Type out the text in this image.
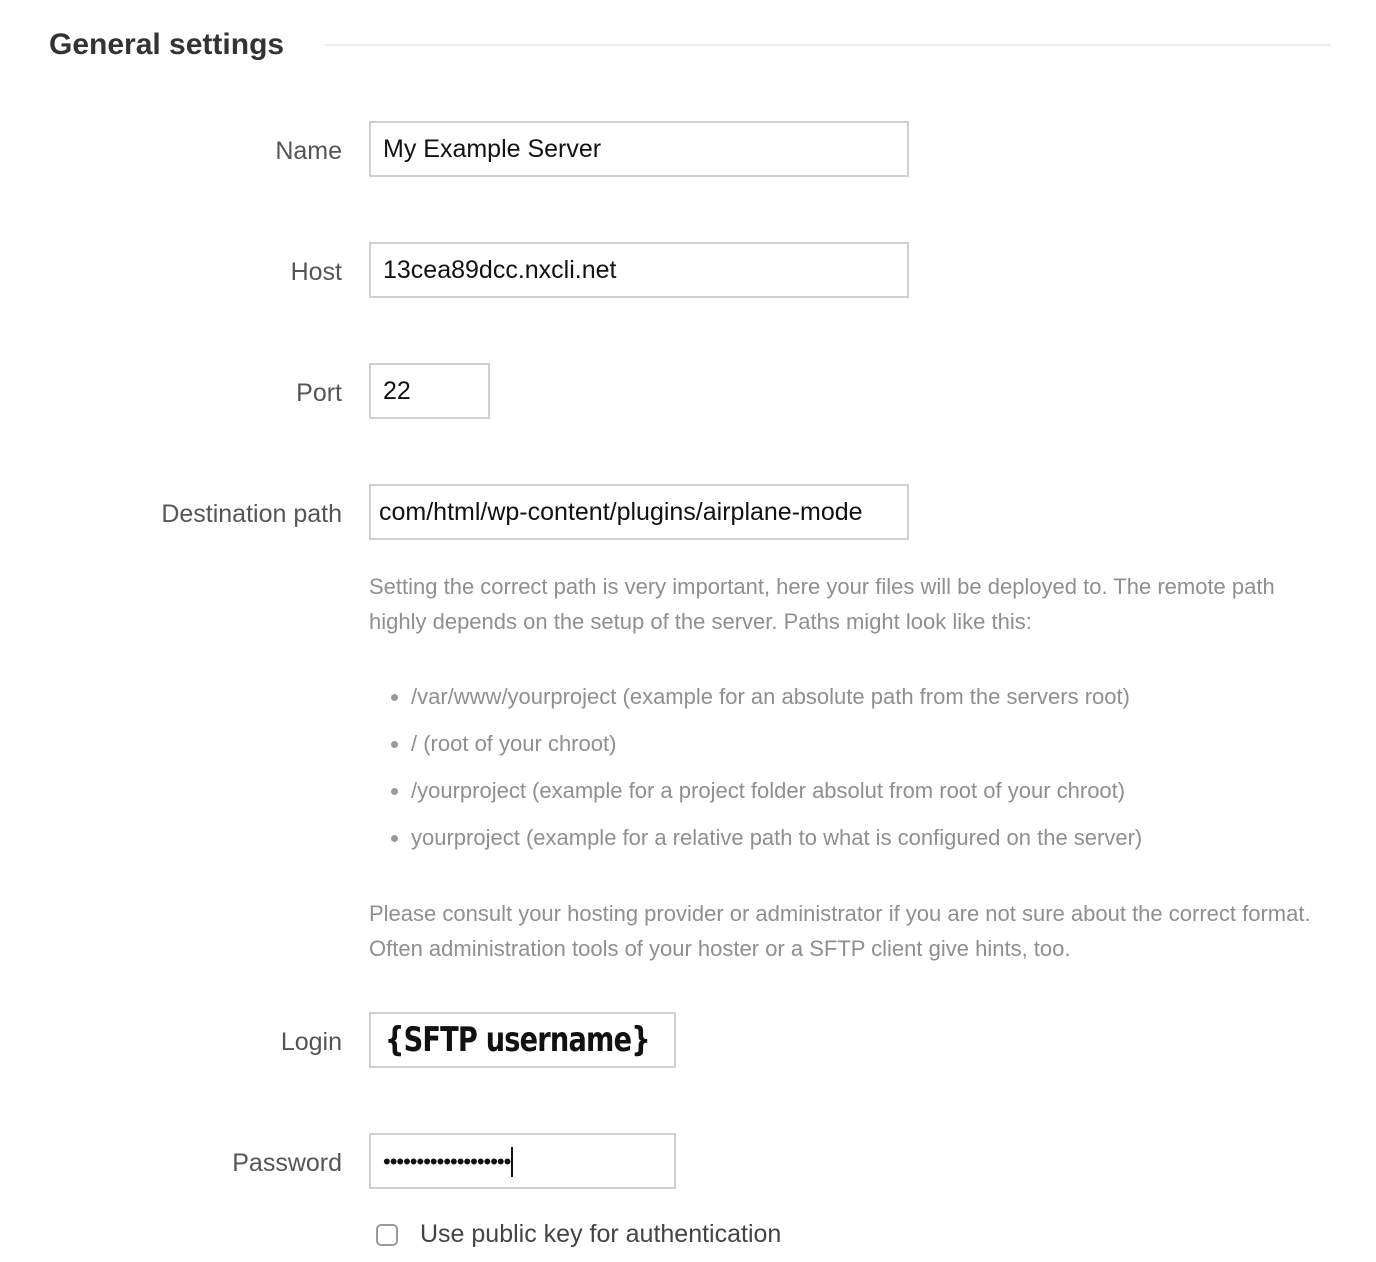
General settings
Name	My Example Server
Host	13cea89dcc.nxcli.net
Port	22
Destination path	com/html/wp-content/plugins/airplane-mode
Setting the correct path is very important, here your files will be deployed to. The remote path highly depends on the setup of the server. Paths might look like this:
/var/www/yourproject (example for an absolute path from the servers root)
/ (root of your chroot)
/yourproject (example for a project folder absolut from root of your chroot)
yourproject (example for a relative path to what is configured on the server)
Please consult your hosting provider or administrator if you are not sure about the correct format. Often administration tools of your hoster or a SFTP client give hints, too.
Login	{SFTP username}
Password	•••••••••••••••••••
Use public key for authentication
